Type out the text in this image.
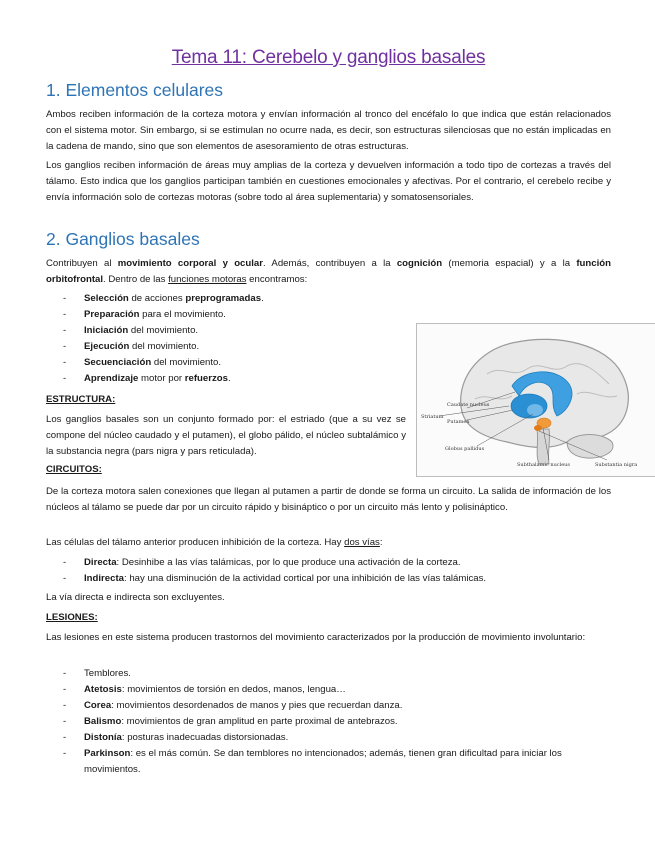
Tema 11: Cerebelo y ganglios basales
1. Elementos celulares

Ambos reciben información de la corteza motora y envían información al tronco del encéfalo lo que indica que están relacionados con el sistema motor. Sin embargo, si se estimulan no ocurre nada, es decir, son estructuras silenciosas que no están implicadas en la cadena de mando, sino que son elementos de asesoramiento de otras estructuras.

Los ganglios reciben información de áreas muy amplias de la corteza y devuelven información a todo tipo de cortezas a través del tálamo. Esto indica que los ganglios participan también en cuestiones emocionales y afectivas. Por el contrario, el cerebelo recibe y envía información solo de cortezas motoras (sobre todo al área suplementaria) y somatosensoriales.

2. Ganglios basales

Contribuyen al movimiento corporal y ocular. Además, contribuyen a la cognición (memoria espacial) y a la función orbitofrontal. Dentro de las funciones motoras encontramos:

- Selección de acciones preprogramadas.
- Preparación para el movimiento.
- Iniciación del movimiento.
- Ejecución del movimiento.
- Secuenciación del movimiento.
- Aprendizaje motor por refuerzos.
ESTRUCTURA:

Los ganglios basales son un conjunto formado por: el estriado (que a su vez se compone del núcleo caudado y el putamen), el globo pálido, el núcleo subtalámico y la substancia negra (pars nigra y pars reticulada).

CIRCUITOS:

De la corteza motora salen conexiones que llegan al putamen a partir de donde se forma un circuito. La salida de información de los núcleos al tálamo se puede dar por un circuito rápido y bisináptico o por un circuito más lento y polisináptico.

Las células del tálamo anterior producen inhibición de la corteza. Hay dos vías:

- Directa: Desinhibe a las vías talámicas, por lo que produce una activación de la corteza.
- Indirecta: hay una disminución de la actividad cortical por una inhibición de las vías talámicas.

La vía directa e indirecta son excluyentes.

LESIONES:

Las lesiones en este sistema producen trastornos del movimiento caracterizados por la producción de movimiento involuntario:

- Temblores.
- Atetosis: movimientos de torsión en dedos, manos, lengua…
- Corea: movimientos desordenados de manos y pies que recuerdan danza.
- Balismo: movimientos de gran amplitud en parte proximal de antebrazos.
- Distonía: posturas inadecuadas distorsionadas.
- Parkinson: es el más común. Se dan temblores no intencionados; además, tienen gran dificultad para iniciar los movimientos.
Striatum
Caudate nucleus
Putamen
Globus pallidus
Subthalamic nucleus	Substantia nigra
